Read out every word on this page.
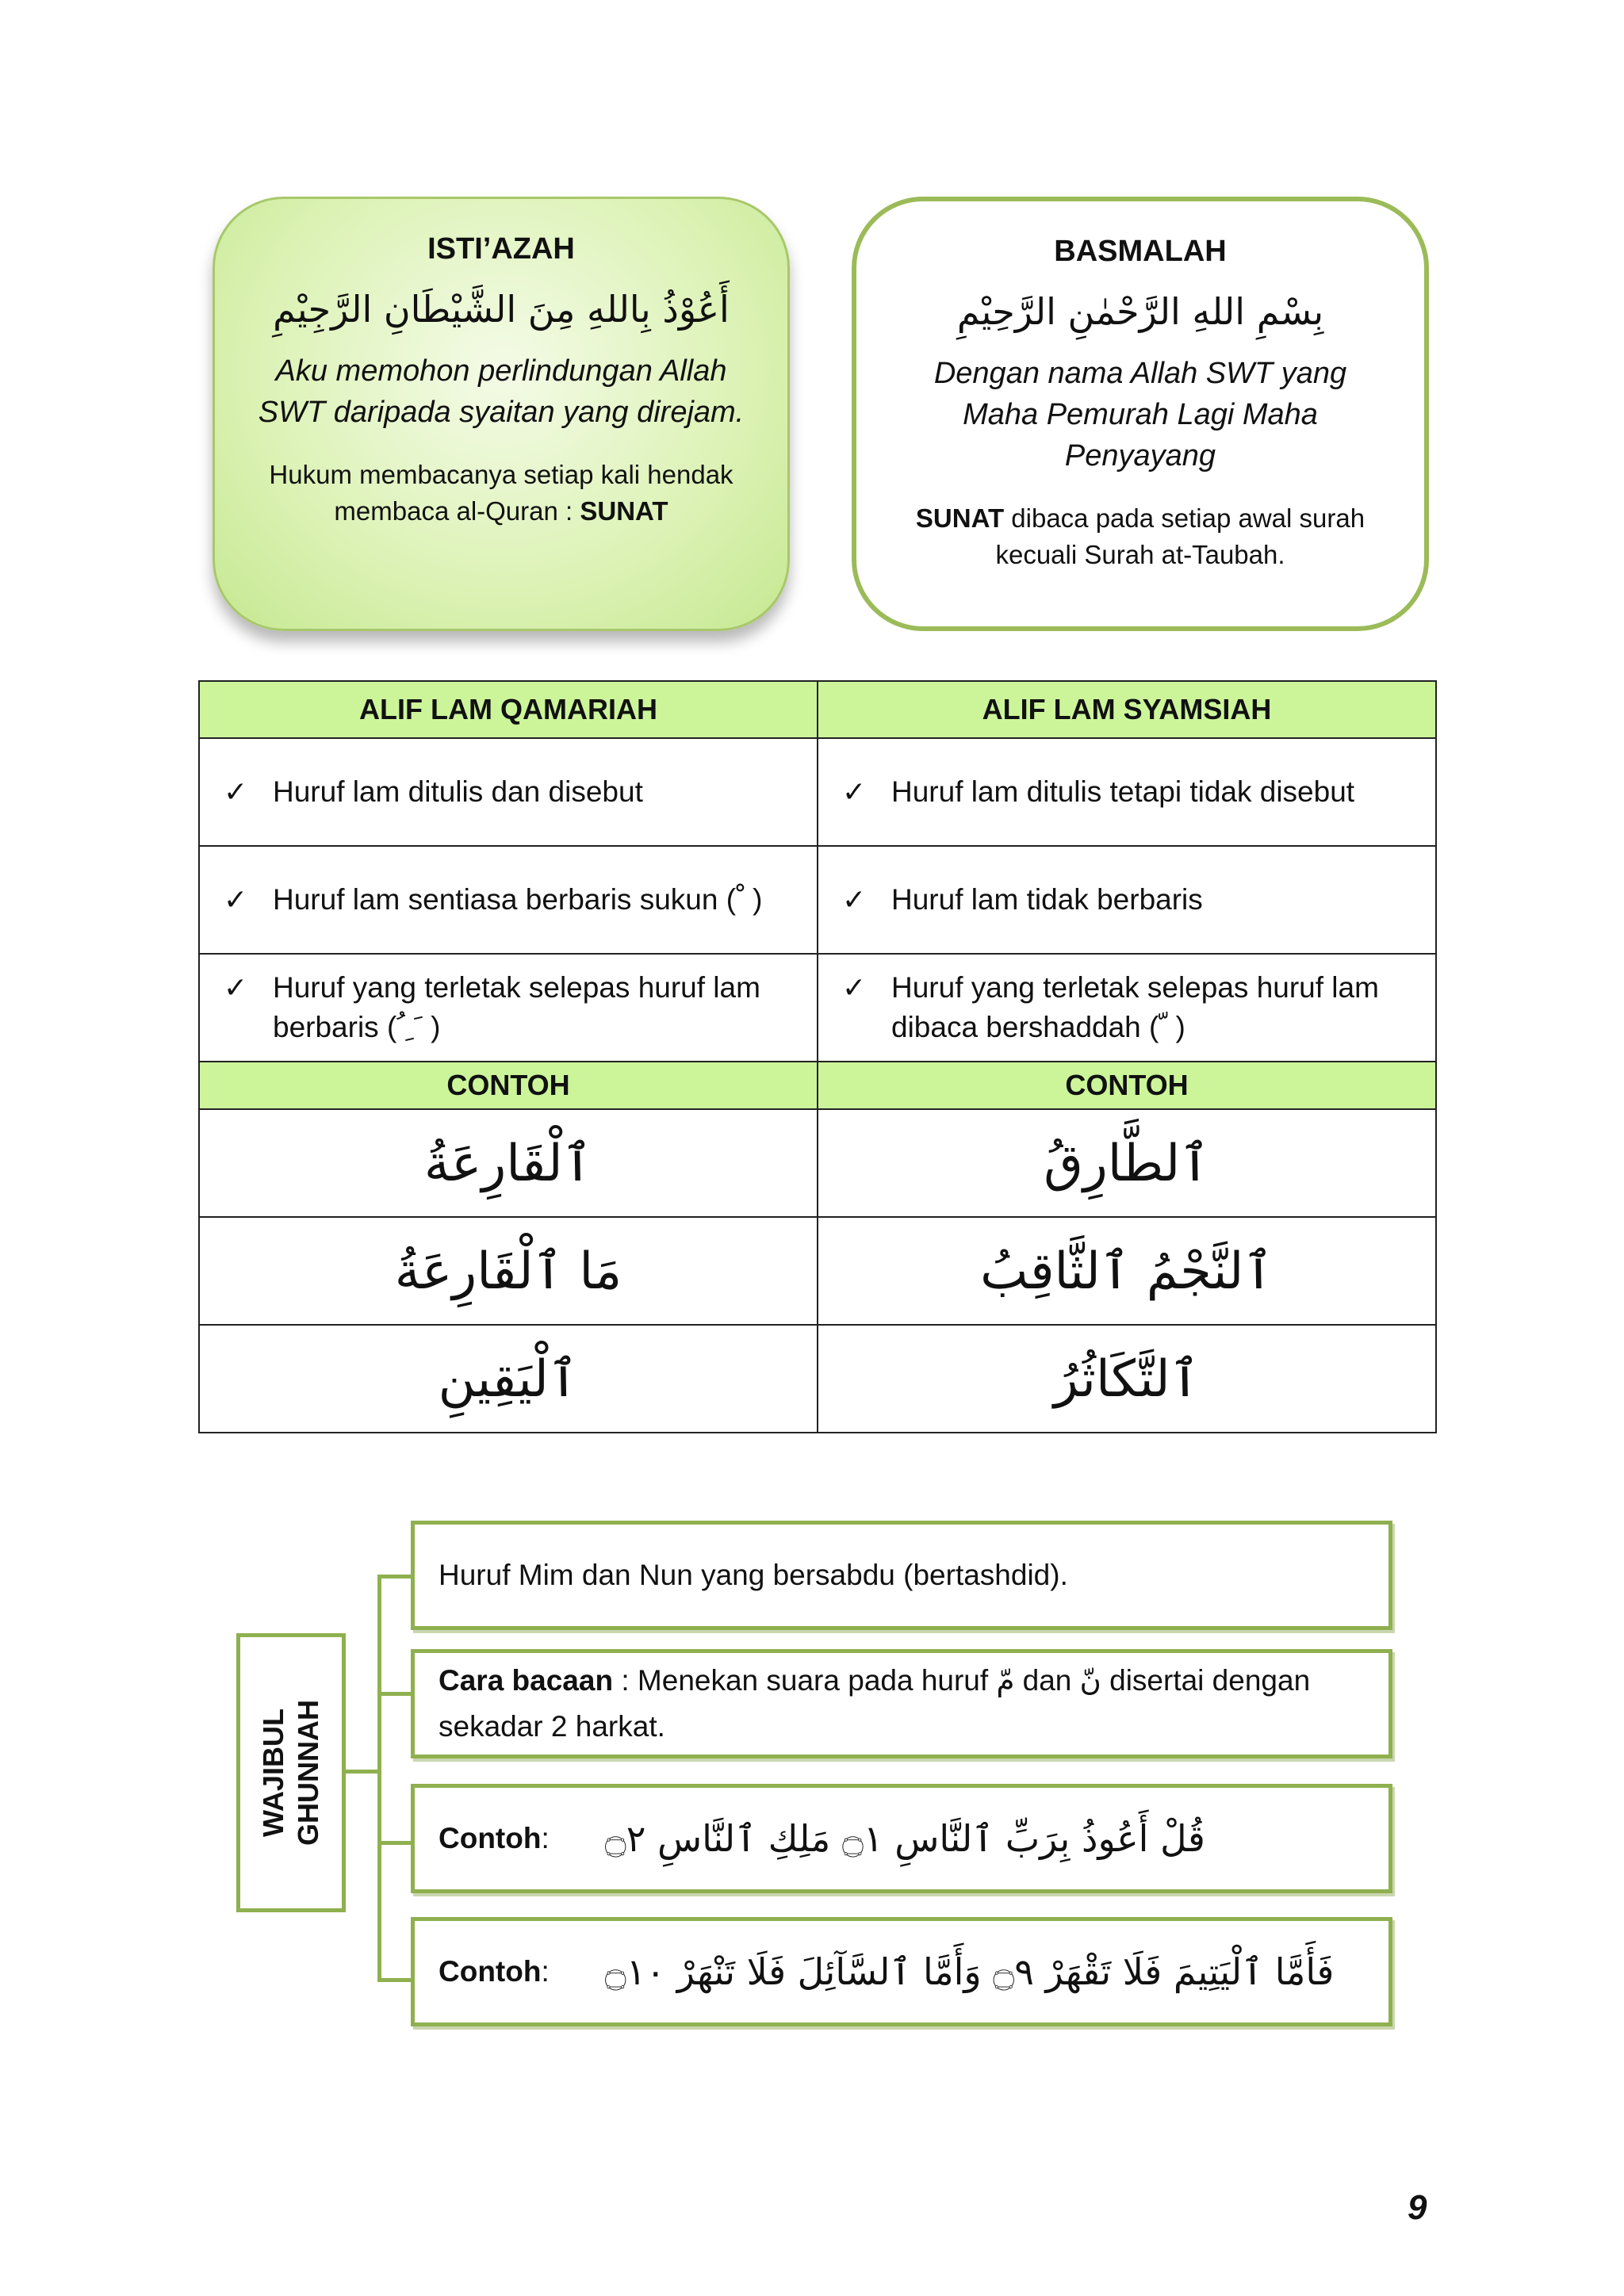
ISTI’AZAH
أَعُوْذُ بِاللهِ مِنَ الشَّيْطَانِ الرَّجِيْمِ
Aku memohon perlindungan Allah
SWT daripada syaitan yang direjam.
Hukum membacanya setiap kali hendak
membaca al-Quran : SUNAT
BASMALAH
بِسْمِ اللهِ الرَّحْمٰنِ الرَّحِيْمِ
Dengan nama Allah SWT yang
Maha Pemurah Lagi Maha
Penyayang
SUNAT dibaca pada setiap awal surah
kecuali Surah at-Taubah.
ALIF LAM QAMARIAH	ALIF LAM SYAMSIAH

✓ Huruf lam ditulis dan disebut	✓ Huruf lam ditulis tetapi tidak disebut

✓ Huruf lam sentiasa berbaris sukun ( ْ )	✓ Huruf lam tidak berbaris

✓ Huruf yang terletak selepas huruf lam berbaris ( ُ ِ َ )	✓ Huruf yang terletak selepas huruf lam dibaca bershaddah ( ّ )

CONTOH	CONTOH
ٱلْقَارِعَةُ	ٱلطَّارِقُ
مَا ٱلْقَارِعَةُ	ٱلنَّجْمُ ٱلثَّاقِبُ
ٱلْيَقِينِ	ٱلتَّكَاثُرُ
WAJIBUL GHUNNAH
Huruf Mim dan Nun yang bersabdu (bertashdid).
Cara bacaan : Menekan suara pada huruf مّ dan نّ disertai dengan
sekadar 2 harkat.
Contoh : قُلْ أَعُوذُ بِرَبِّ ٱلنَّاسِ ۝١ مَلِكِ ٱلنَّاسِ ۝٢
Contoh : فَأَمَّا ٱلْيَتِيمَ فَلَا تَقْهَرْ ۝٩ وَأَمَّا ٱلسَّآئِلَ فَلَا تَنْهَرْ ۝١٠
9
